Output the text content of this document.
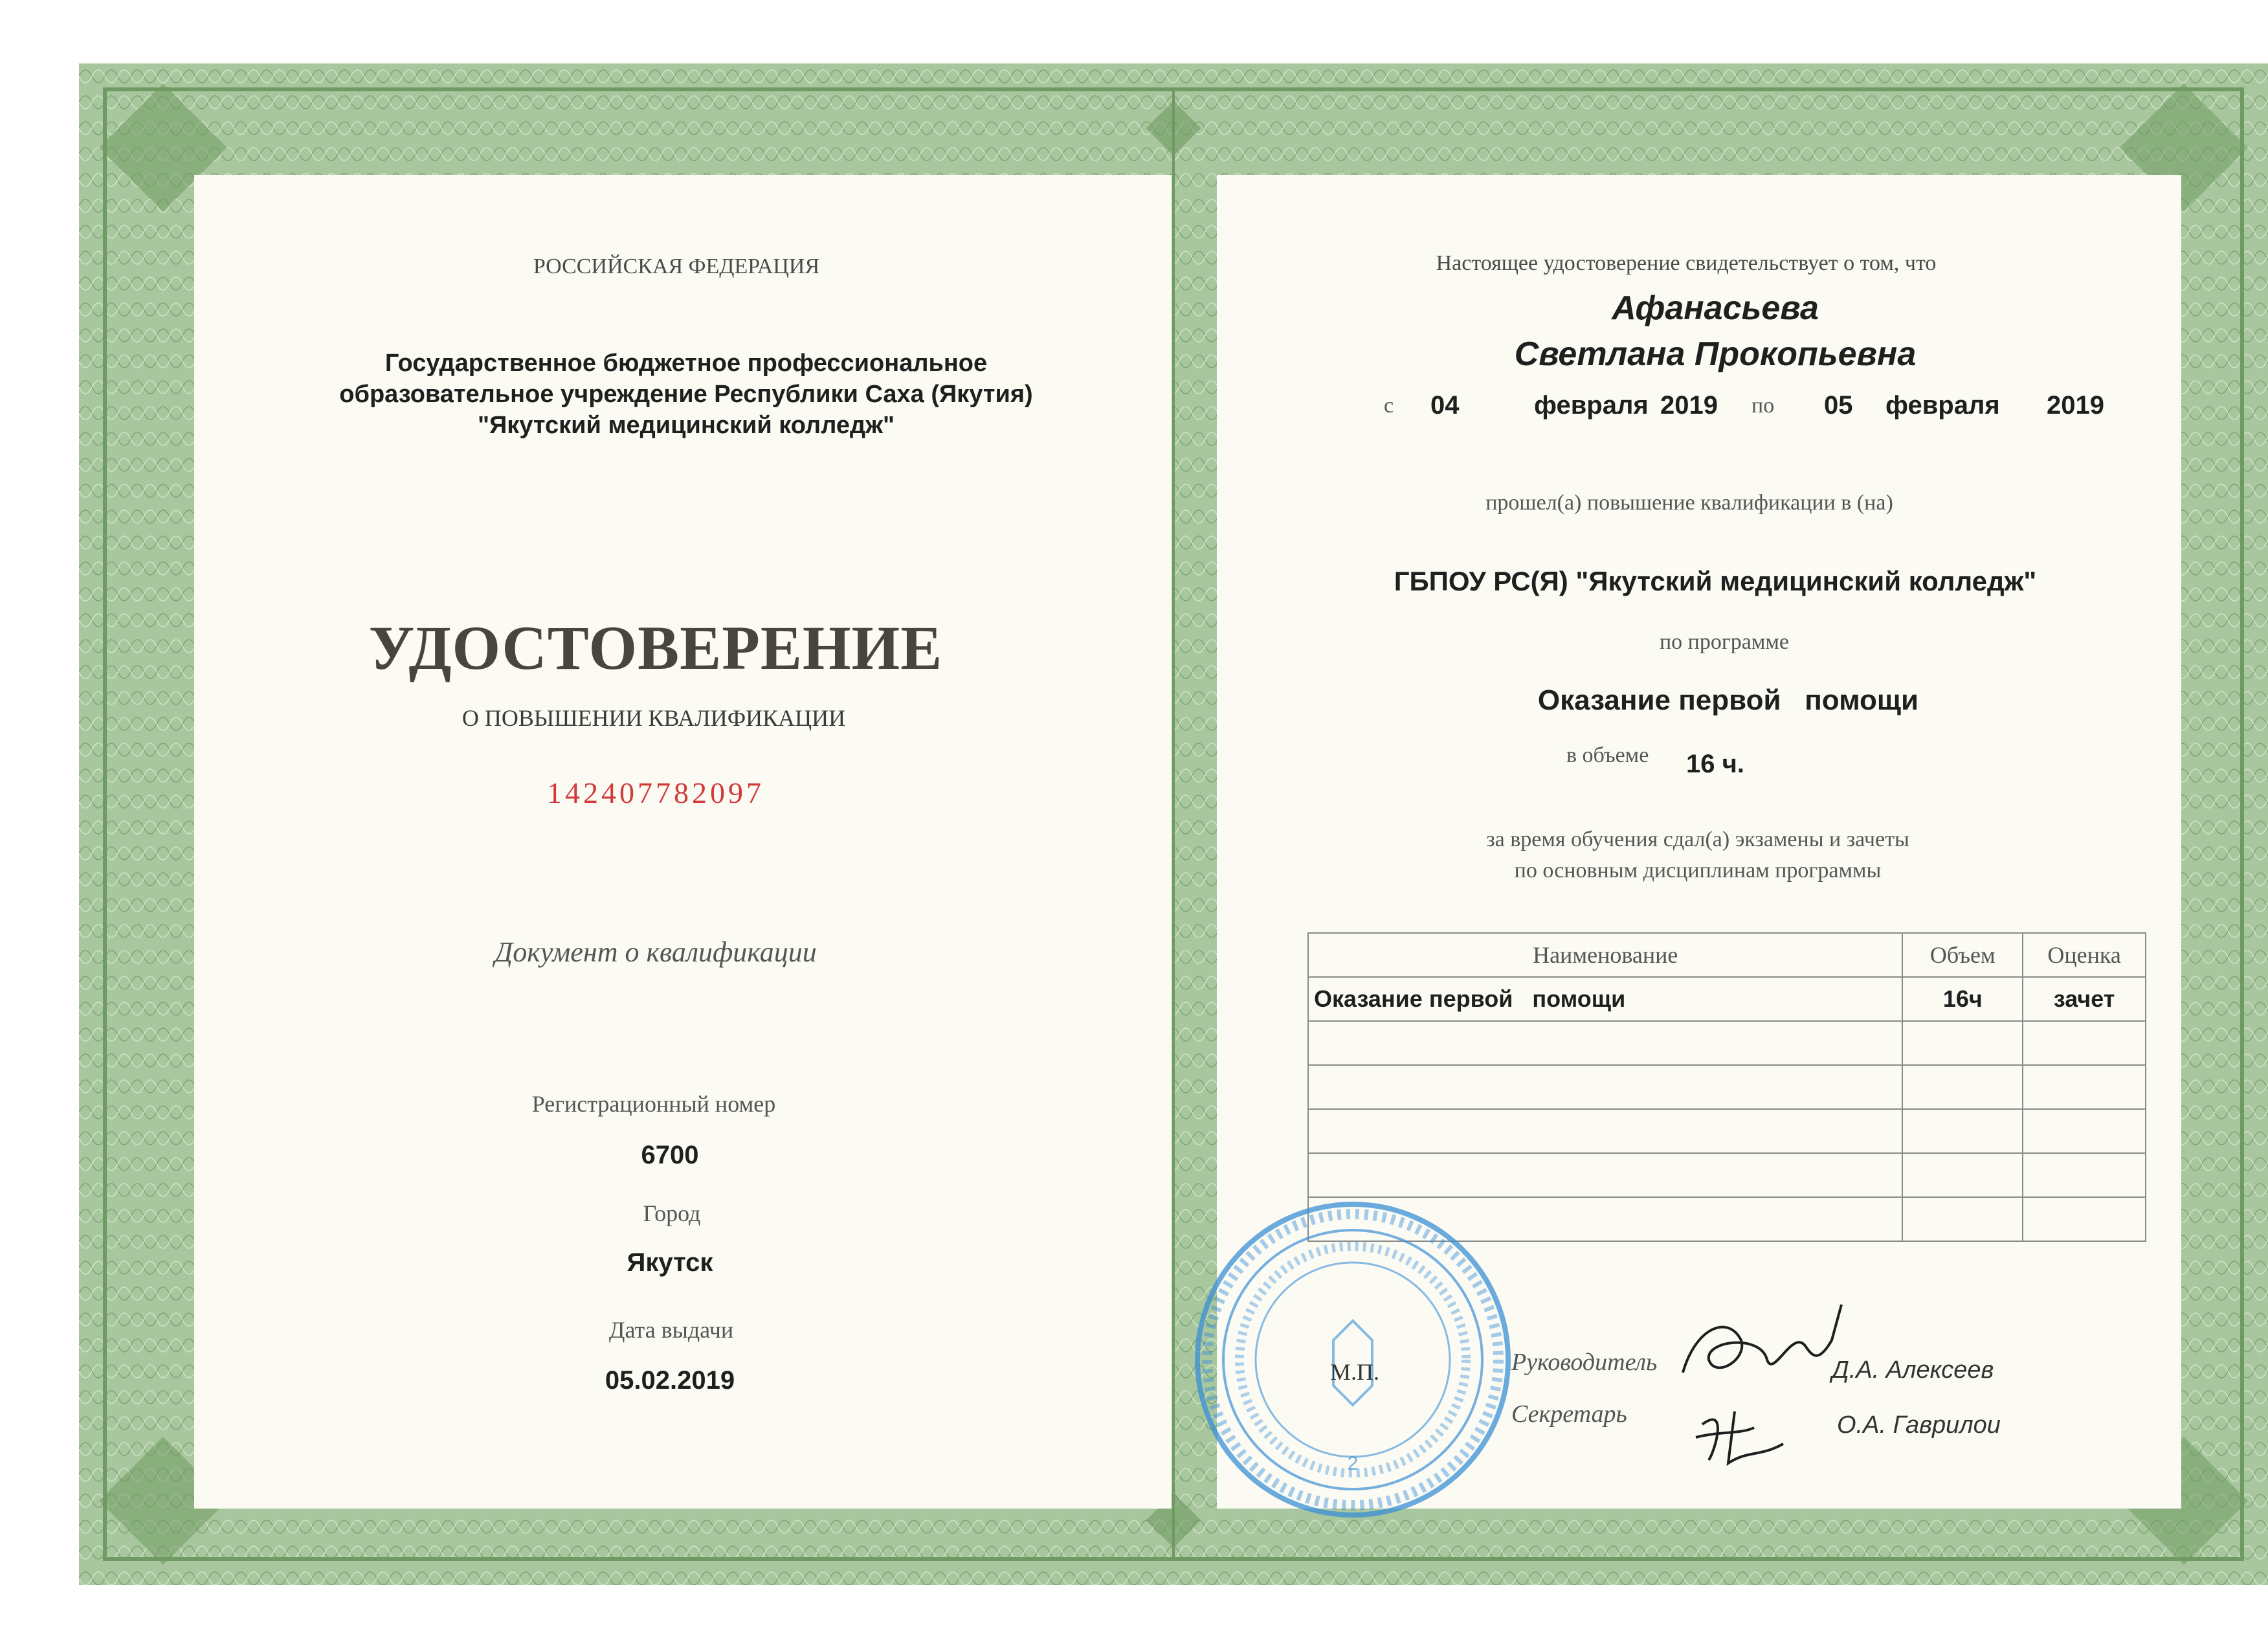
РОССИЙСКАЯ ФЕДЕРАЦИЯ
Государственное бюджетное профессиональное
образовательное учреждение Республики Саха (Якутия)
"Якутский медицинский колледж"
УДОСТОВЕРЕНИЕ
О ПОВЫШЕНИИ КВАЛИФИКАЦИИ
142407782097
Документ о квалификации
Регистрационный номер
6700
Город
Якутск
Дата выдачи
05.02.2019
Настоящее удостоверение свидетельствует о том, что
Афанасьева
Светлана Прокопьевна
с 04	февраля 2019 по 05 февраля 2019
прошел(а) повышение квалификации в (на)
ГБПОУ РС(Я) "Якутский медицинский колледж"
по программе
Оказание первой   помощи
в объеме 16 ч.
за время обучения сдал(а) экзамены и зачеты
по основным дисциплинам программы
Наименование	Объем	Оценка
Оказание первой   помощи	16ч	зачет

2
М.П.	Руководитель	Д.А. Алексеев
Секретарь	О.А. Гаврилои
